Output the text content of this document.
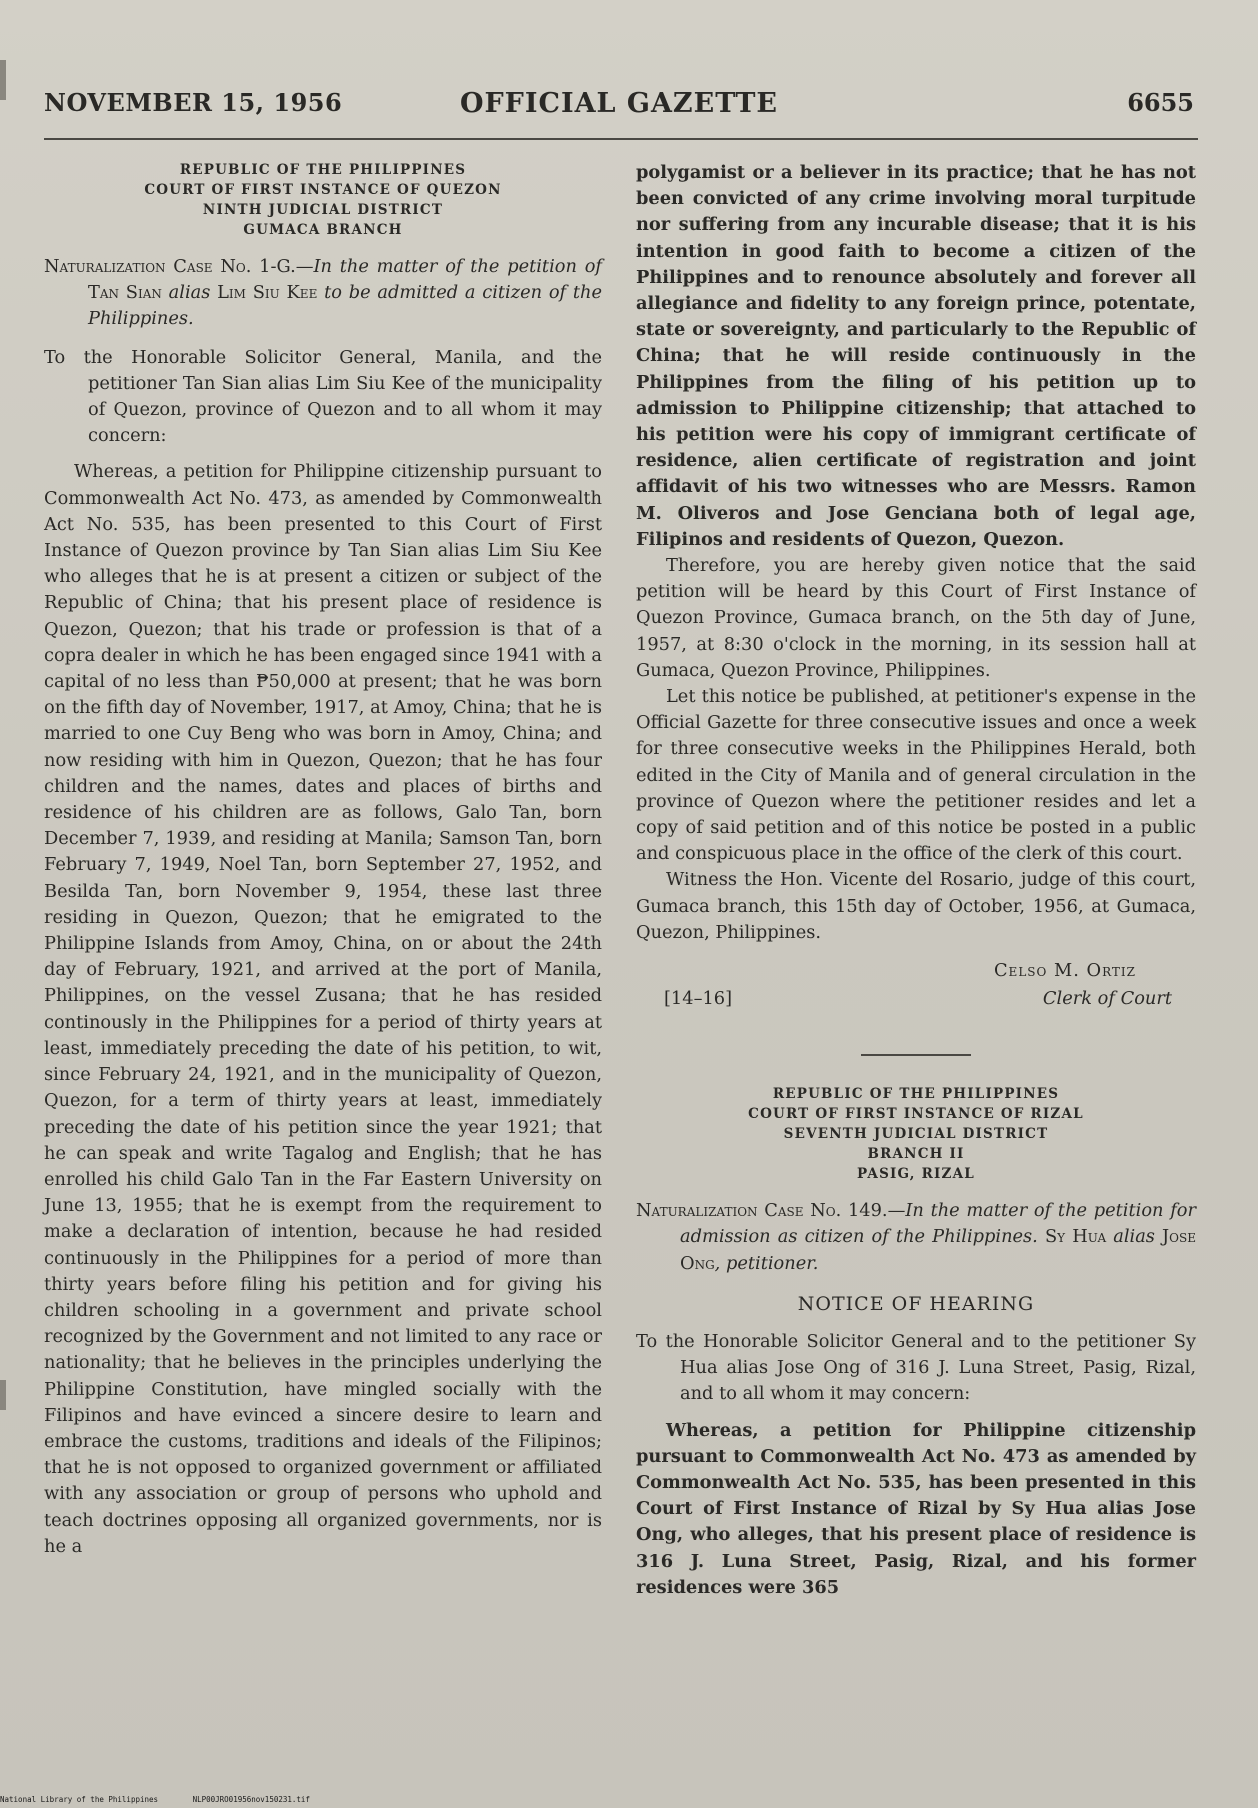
NOVEMBER 15, 1956	OFFICIAL GAZETTE	6655
REPUBLIC OF THE PHILIPPINES
COURT OF FIRST INSTANCE OF QUEZON
NINTH JUDICIAL DISTRICT
GUMACA BRANCH

Naturalization Case No. 1-G.—In the matter of the petition of Tan Sian alias Lim Siu Kee to be admitted a citizen of the Philippines.

To the Honorable Solicitor General, Manila, and the petitioner Tan Sian alias Lim Siu Kee of the municipality of Quezon, province of Quezon and to all whom it may concern:

Whereas, a petition for Philippine citizenship pursuant to Commonwealth Act No. 473, as amended by Commonwealth Act No. 535, has been presented to this Court of First Instance of Quezon province by Tan Sian alias Lim Siu Kee who alleges that he is at present a citizen or subject of the Republic of China; that his present place of residence is Quezon, Quezon; that his trade or profession is that of a copra dealer in which he has been engaged since 1941 with a capital of no less than ₱50,000 at present; that he was born on the fifth day of November, 1917, at Amoy, China; that he is married to one Cuy Beng who was born in Amoy, China; and now residing with him in Quezon, Quezon; that he has four children and the names, dates and places of births and residence of his children are as follows, Galo Tan, born December 7, 1939, and residing at Manila; Samson Tan, born February 7, 1949, Noel Tan, born September 27, 1952, and Besilda Tan, born November 9, 1954, these last three residing in Quezon, Quezon; that he emigrated to the Philippine Islands from Amoy, China, on or about the 24th day of February, 1921, and arrived at the port of Manila, Philippines, on the vessel Zusana; that he has resided continously in the Philippines for a period of thirty years at least, immediately preceding the date of his petition, to wit, since February 24, 1921, and in the municipality of Quezon, Quezon, for a term of thirty years at least, immediately preceding the date of his petition since the year 1921; that he can speak and write Tagalog and English; that he has enrolled his child Galo Tan in the Far Eastern University on June 13, 1955; that he is exempt from the requirement to make a declaration of intention, because he had resided continuously in the Philippines for a period of more than thirty years before filing his petition and for giving his children schooling in a government and private school recognized by the Government and not limited to any race or nationality; that he believes in the principles underlying the Philippine Constitution, have mingled socially with the Filipinos and have evinced a sincere desire to learn and embrace the customs, traditions and ideals of the Filipinos; that he is not opposed to organized government or affiliated with any association or group of persons who uphold and teach doctrines opposing all organized governments, nor is he a

polygamist or a believer in its practice; that he has not been convicted of any crime involving moral turpitude nor suffering from any incurable disease; that it is his intention in good faith to become a citizen of the Philippines and to renounce absolutely and forever all allegiance and fidelity to any foreign prince, potentate, state or sovereignty, and particularly to the Republic of China; that he will reside continuously in the Philippines from the filing of his petition up to admission to Philippine citizenship; that attached to his petition were his copy of immigrant certificate of residence, alien certificate of registration and joint affidavit of his two witnesses who are Messrs. Ramon M. Oliveros and Jose Genciana both of legal age, Filipinos and residents of Quezon, Quezon.

Therefore, you are hereby given notice that the said petition will be heard by this Court of First Instance of Quezon Province, Gumaca branch, on the 5th day of June, 1957, at 8:30 o'clock in the morning, in its session hall at Gumaca, Quezon Province, Philippines.

Let this notice be published, at petitioner's expense in the Official Gazette for three consecutive issues and once a week for three consecutive weeks in the Philippines Herald, both edited in the City of Manila and of general circulation in the province of Quezon where the petitioner resides and let a copy of said petition and of this notice be posted in a public and conspicuous place in the office of the clerk of this court.

Witness the Hon. Vicente del Rosario, judge of this court, Gumaca branch, this 15th day of October, 1956, at Gumaca, Quezon, Philippines.

Celso M. Ortiz
[14–16]	Clerk of Court
REPUBLIC OF THE PHILIPPINES
COURT OF FIRST INSTANCE OF RIZAL
SEVENTH JUDICIAL DISTRICT
BRANCH II
PASIG, RIZAL

Naturalization Case No. 149.—In the matter of the petition for admission as citizen of the Philippines. Sy Hua alias Jose Ong, petitioner.

NOTICE OF HEARING

To the Honorable Solicitor General and to the petitioner Sy Hua alias Jose Ong of 316 J. Luna Street, Pasig, Rizal, and to all whom it may concern:

Whereas, a petition for Philippine citizenship pursuant to Commonwealth Act No. 473 as amended by Commonwealth Act No. 535, has been presented in this Court of First Instance of Rizal by Sy Hua alias Jose Ong, who alleges, that his present place of residence is 316 J. Luna Street, Pasig, Rizal, and his former residences were 365

National Library of the Philippines	NLP00JRO01956nov150231.tif
